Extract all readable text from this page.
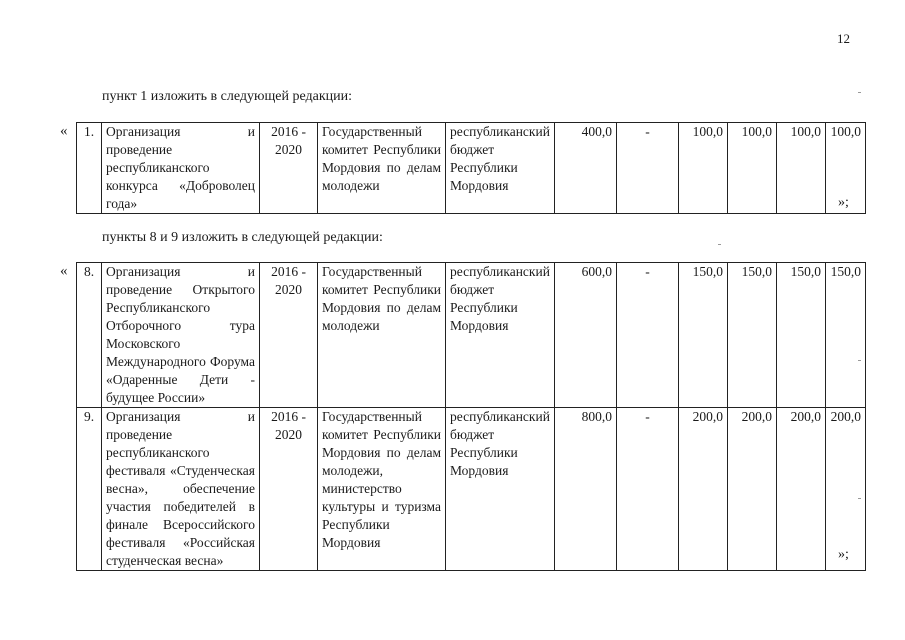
12
пункт 1 изложить в следующей редакции:
« 1.	Организация и проведение республиканского конкурса «Доброволец года»	2016 - 2020	Государственный комитет Республики Мордовия по делам молодежи	республиканский бюджет Республики Мордовия	400,0	-	100,0	100,0	100,0	100,0
»;
пункты 8 и 9 изложить в следующей редакции:
« 8.	Организация и проведение Открытого Республиканского Отборочного тура Московского Международного Форума «Одаренные Дети - будущее России»	2016 - 2020	Государственный комитет Республики Мордовия по делам молодежи	республиканский бюджет Республики Мордовия	600,0	-	150,0	150,0	150,0	150,0
9.	Организация и проведение республиканского фестиваля «Студенческая весна», обеспечение участия победителей в финале Всероссийского фестиваля «Российская студенческая весна»	2016 - 2020	Государственный комитет Республики Мордовия по делам молодежи, министерство культуры и туризма Республики Мордовия	республиканский бюджет Республики Мордовия	800,0	-	200,0	200,0	200,0	200,0
»;
